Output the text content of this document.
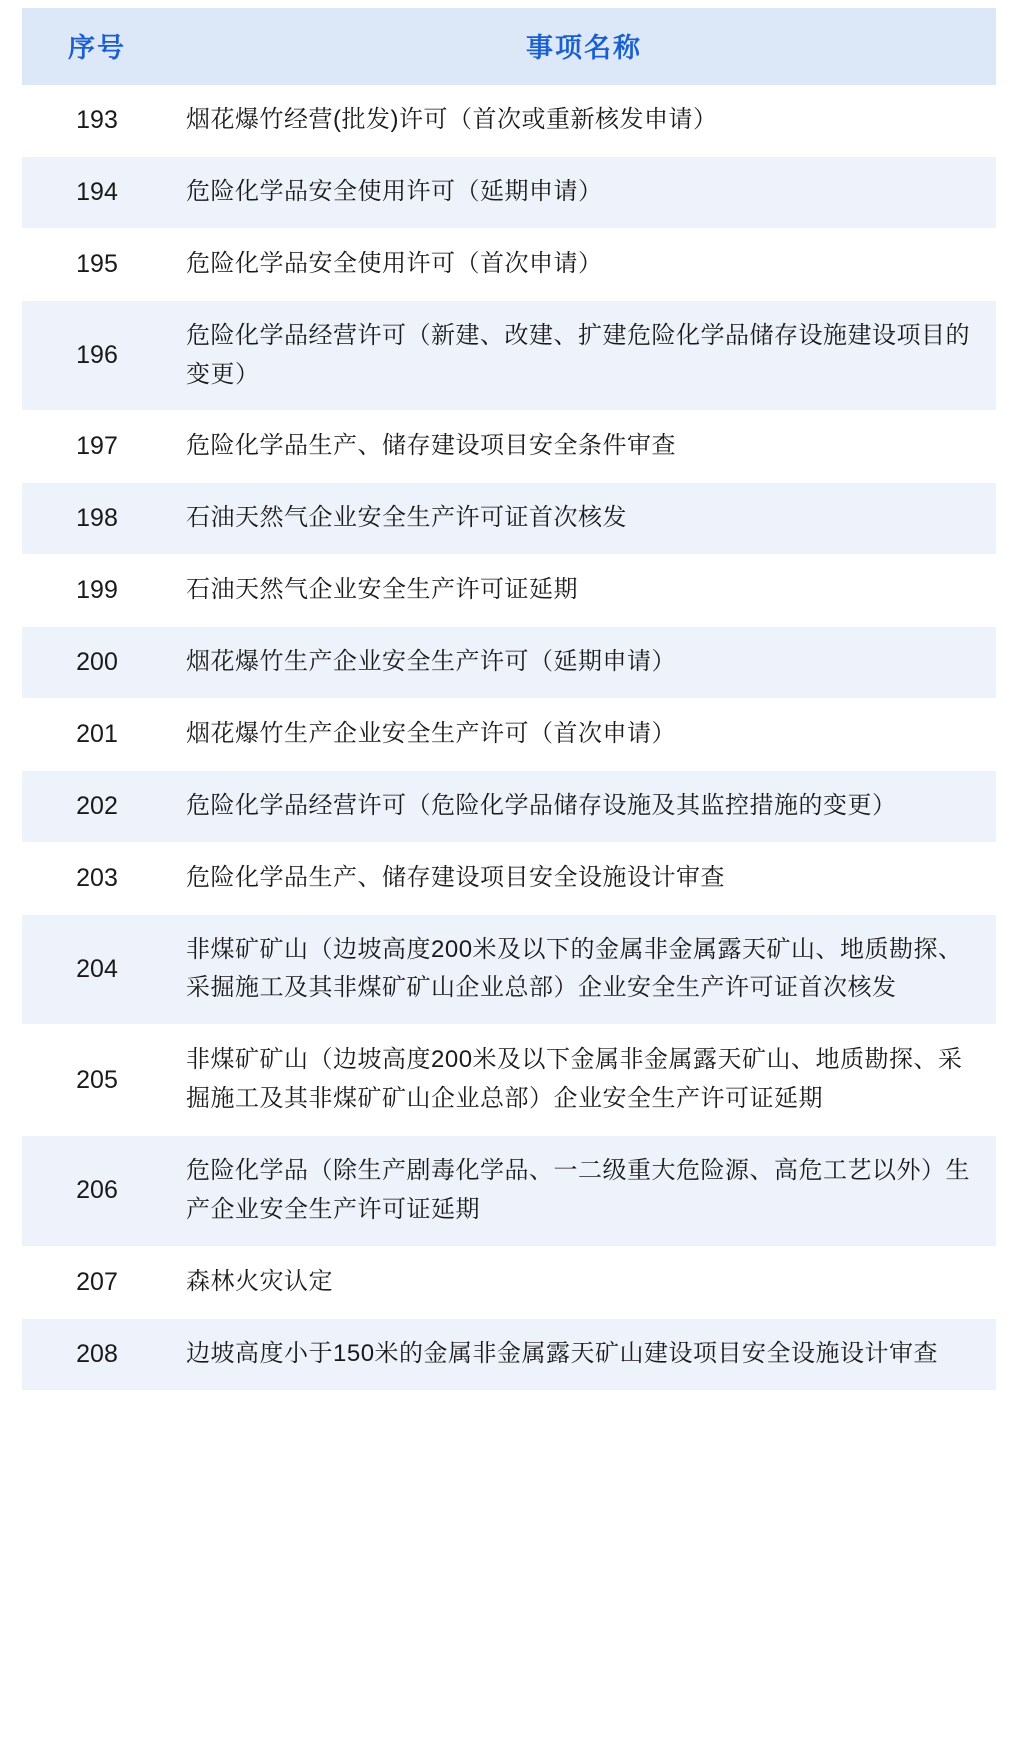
序号	事项名称
193	烟花爆竹经营(批发)许可（首次或重新核发申请）
194	危险化学品安全使用许可（延期申请）
195	危险化学品安全使用许可（首次申请）
196	危险化学品经营许可（新建、改建、扩建危险化学品储存设施建设项目的变更）
197	危险化学品生产、储存建设项目安全条件审查
198	石油天然气企业安全生产许可证首次核发
199	石油天然气企业安全生产许可证延期
200	烟花爆竹生产企业安全生产许可（延期申请）
201	烟花爆竹生产企业安全生产许可（首次申请）
202	危险化学品经营许可（危险化学品储存设施及其监控措施的变更）
203	危险化学品生产、储存建设项目安全设施设计审查
204	非煤矿矿山（边坡高度200米及以下的金属非金属露天矿山、地质勘探、采掘施工及其非煤矿矿山企业总部）企业安全生产许可证首次核发
205	非煤矿矿山（边坡高度200米及以下金属非金属露天矿山、地质勘探、采掘施工及其非煤矿矿山企业总部）企业安全生产许可证延期
206	危险化学品（除生产剧毒化学品、一二级重大危险源、高危工艺以外）生产企业安全生产许可证延期
207	森林火灾认定
208	边坡高度小于150米的金属非金属露天矿山建设项目安全设施设计审查
